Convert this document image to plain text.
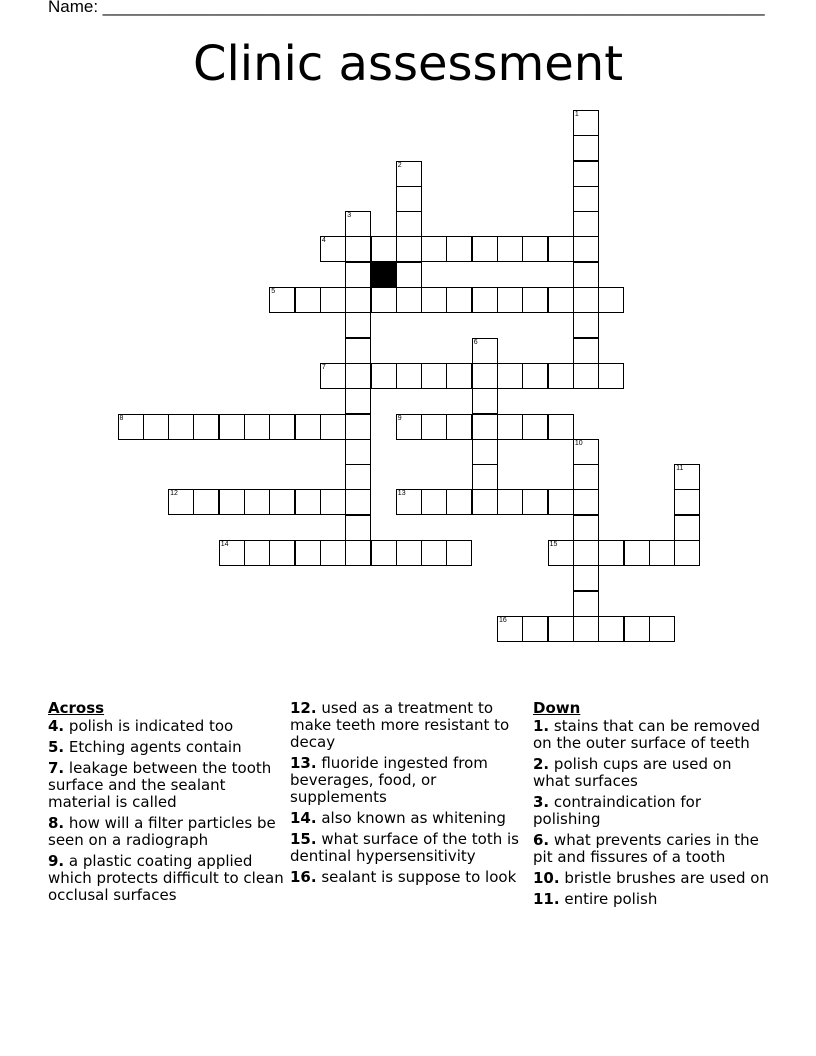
Name: ______________________________________________________________________
Clinic assessment
1
2
3
4
5
6
7
8	9
10
11
12	13
14	15
16
Across
4. polish is indicated too
5. Etching agents contain
7. leakage between the tooth surface and the sealant material is called
8. how will a filter particles be seen on a radiograph
9. a plastic coating applied which protects difficult to clean occlusal surfaces
12. used as a treatment to make teeth more resistant to decay
13. fluoride ingested from beverages, food, or supplements
14. also known as whitening
15. what surface of the toth is dentinal hypersensitivity
16. sealant is suppose to look
Down
1. stains that can be removed on the outer surface of teeth
2. polish cups are used on what surfaces
3. contraindication for polishing
6. what prevents caries in the pit and fissures of a tooth
10. bristle brushes are used on
11. entire polish
